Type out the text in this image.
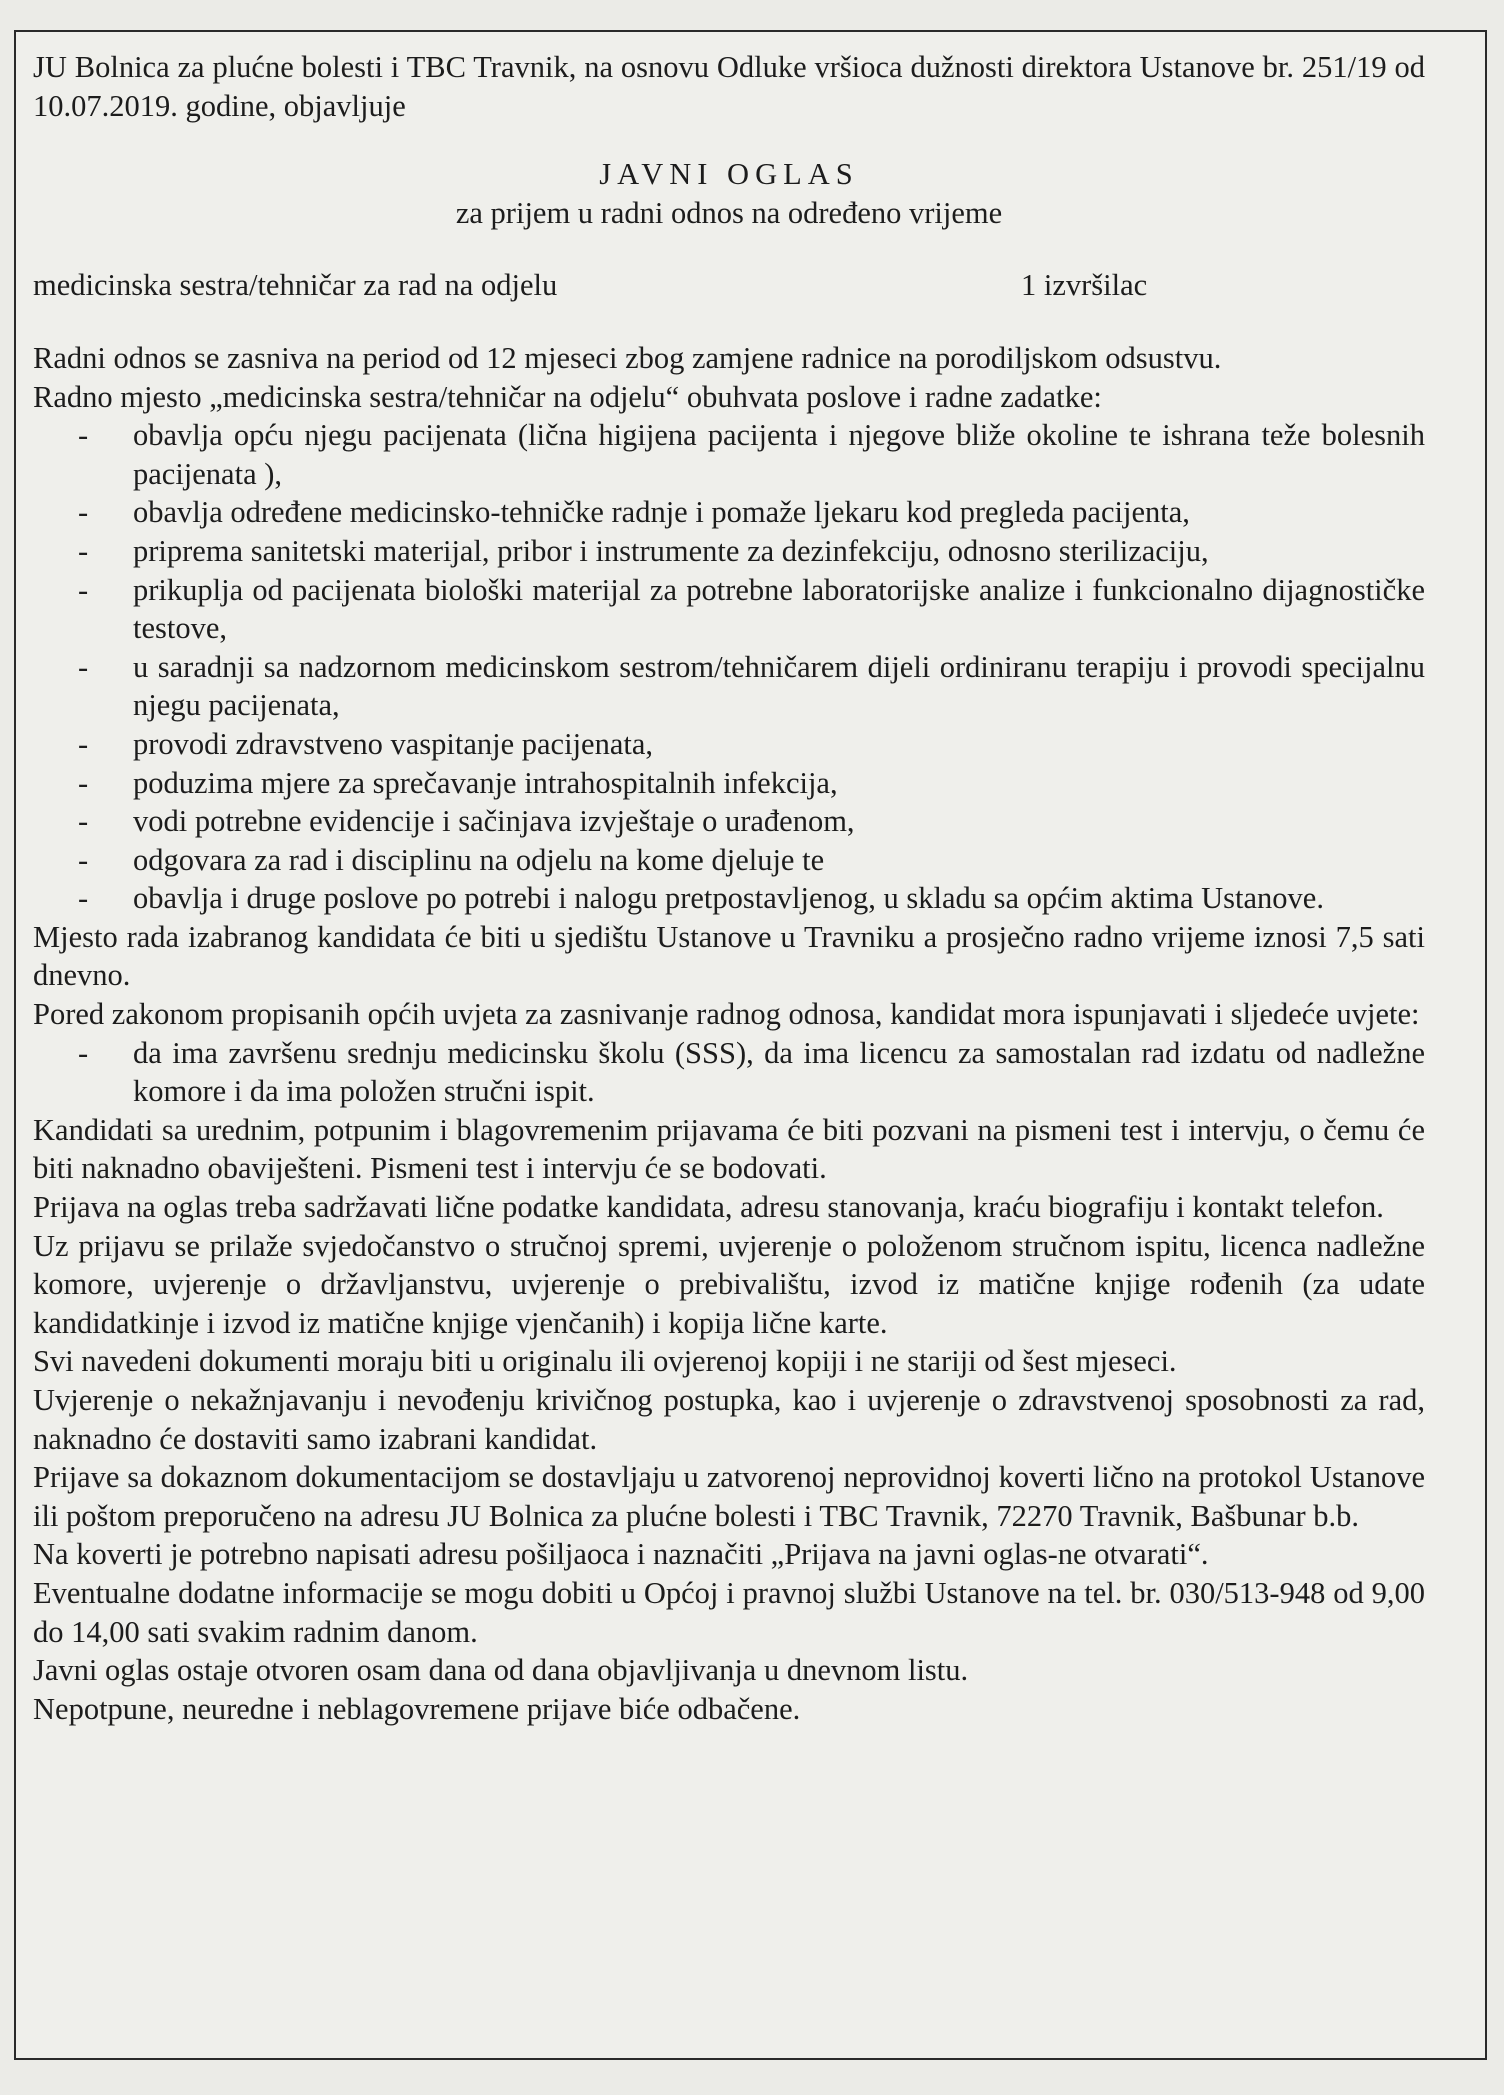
JU Bolnica za plućne bolesti i TBC Travnik, na osnovu Odluke vršioca dužnosti direktora Ustanove br. 251/19 od 10.07.2019. godine, objavljuje

JAVNI OGLAS

za prijem u radni odnos na određeno vrijeme

medicinska sestra/tehničar za rad na odjelu	1 izvršilac

Radni odnos se zasniva na period od 12 mjeseci zbog zamjene radnice na porodiljskom odsustvu.

Radno mjesto „medicinska sestra/tehničar na odjelu“ obuhvata poslove i radne zadatke:

- obavlja opću njegu pacijenata (lična higijena pacijenta i njegove bliže okoline te ishrana teže bolesnih pacijenata ),
- obavlja određene medicinsko-tehničke radnje i pomaže ljekaru kod pregleda pacijenta,
- priprema sanitetski materijal, pribor i instrumente za dezinfekciju, odnosno sterilizaciju,
- prikuplja od pacijenata biološki materijal za potrebne laboratorijske analize i funkcionalno dijagnostičke testove,
- u saradnji sa nadzornom medicinskom sestrom/tehničarem dijeli ordiniranu terapiju i provodi specijalnu njegu pacijenata,
- provodi zdravstveno vaspitanje pacijenata,
- poduzima mjere za sprečavanje intrahospitalnih infekcija,
- vodi potrebne evidencije i sačinjava izvještaje o urađenom,
- odgovara za rad i disciplinu na odjelu na kome djeluje te
- obavlja i druge poslove po potrebi i nalogu pretpostavljenog, u skladu sa općim aktima Ustanove.

Mjesto rada izabranog kandidata će biti u sjedištu Ustanove u Travniku a prosječno radno vrijeme iznosi 7,5 sati dnevno.

Pored zakonom propisanih općih uvjeta za zasnivanje radnog odnosa, kandidat mora ispunjavati i sljedeće uvjete:

- da ima završenu srednju medicinsku školu (SSS), da ima licencu za samostalan rad izdatu od nadležne komore i da ima položen stručni ispit.

Kandidati sa urednim, potpunim i blagovremenim prijavama će biti pozvani na pismeni test i intervju, o čemu će biti naknadno obaviješteni. Pismeni test i intervju će se bodovati.

Prijava na oglas treba sadržavati lične podatke kandidata, adresu stanovanja, kraću biografiju i kontakt telefon.

Uz prijavu se prilaže svjedočanstvo o stručnoj spremi, uvjerenje o položenom stručnom ispitu, licenca nadležne komore, uvjerenje o državljanstvu, uvjerenje o prebivalištu, izvod iz matične knjige rođenih (za udate kandidatkinje i izvod iz matične knjige vjenčanih) i kopija lične karte.

Svi navedeni dokumenti moraju biti u originalu ili ovjerenoj kopiji i ne stariji od šest mjeseci.

Uvjerenje o nekažnjavanju i nevođenju krivičnog postupka, kao i uvjerenje o zdravstvenoj sposobnosti za rad, naknadno će dostaviti samo izabrani kandidat.

Prijave sa dokaznom dokumentacijom se dostavljaju u zatvorenoj neprovidnoj koverti lično na protokol Ustanove ili poštom preporučeno na adresu JU Bolnica za plućne bolesti i TBC Travnik, 72270 Travnik, Bašbunar b.b.

Na koverti je potrebno napisati adresu pošiljaoca i naznačiti „Prijava na javni oglas-ne otvarati“.

Eventualne dodatne informacije se mogu dobiti u Općoj i pravnoj službi Ustanove na tel. br. 030/513-948 od 9,00 do 14,00 sati svakim radnim danom.

Javni oglas ostaje otvoren osam dana od dana objavljivanja u dnevnom listu.

Nepotpune, neuredne i neblagovremene prijave biće odbačene.
